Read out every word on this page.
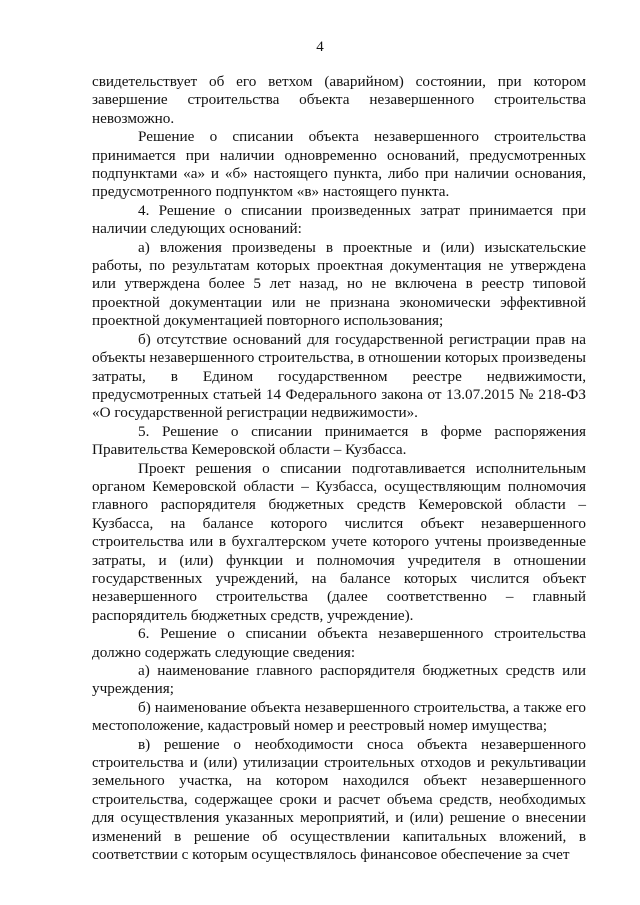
4

свидетельствует об его ветхом (аварийном) состоянии, при котором завершение строительства объекта незавершенного строительства невозможно.

Решение о списании объекта незавершенного строительства принимается при наличии одновременно оснований, предусмотренных подпунктами «а» и «б» настоящего пункта, либо при наличии основания, предусмотренного подпунктом «в» настоящего пункта.

4. Решение о списании произведенных затрат принимается при наличии следующих оснований:

а) вложения произведены в проектные и (или) изыскательские работы, по результатам которых проектная документация не утверждена или утверждена более 5 лет назад, но не включена в реестр типовой проектной документации или не признана экономически эффективной проектной документацией повторного использования;

б) отсутствие оснований для государственной регистрации прав на объекты незавершенного строительства, в отношении которых произведены затраты, в Едином государственном реестре недвижимости, предусмотренных статьей 14 Федерального закона от 13.07.2015 № 218-ФЗ «О государственной регистрации недвижимости».

5. Решение о списании принимается в форме распоряжения Правительства Кемеровской области – Кузбасса.

Проект решения о списании подготавливается исполнительным органом Кемеровской области – Кузбасса, осуществляющим полномочия главного распорядителя бюджетных средств Кемеровской области – Кузбасса, на балансе которого числится объект незавершенного строительства или в бухгалтерском учете которого учтены произведенные затраты, и (или) функции и полномочия учредителя в отношении государственных учреждений, на балансе которых числится объект незавершенного строительства (далее соответственно – главный распорядитель бюджетных средств, учреждение).

6. Решение о списании объекта незавершенного строительства должно содержать следующие сведения:

а) наименование главного распорядителя бюджетных средств или учреждения;

б) наименование объекта незавершенного строительства, а также его местоположение, кадастровый номер и реестровый номер имущества;

в) решение о необходимости сноса объекта незавершенного строительства и (или) утилизации строительных отходов и рекультивации земельного участка, на котором находился объект незавершенного строительства, содержащее сроки и расчет объема средств, необходимых для осуществления указанных мероприятий, и (или) решение о внесении изменений в решение об осуществлении капитальных вложений, в соответствии с которым осуществлялось финансовое обеспечение за счет
